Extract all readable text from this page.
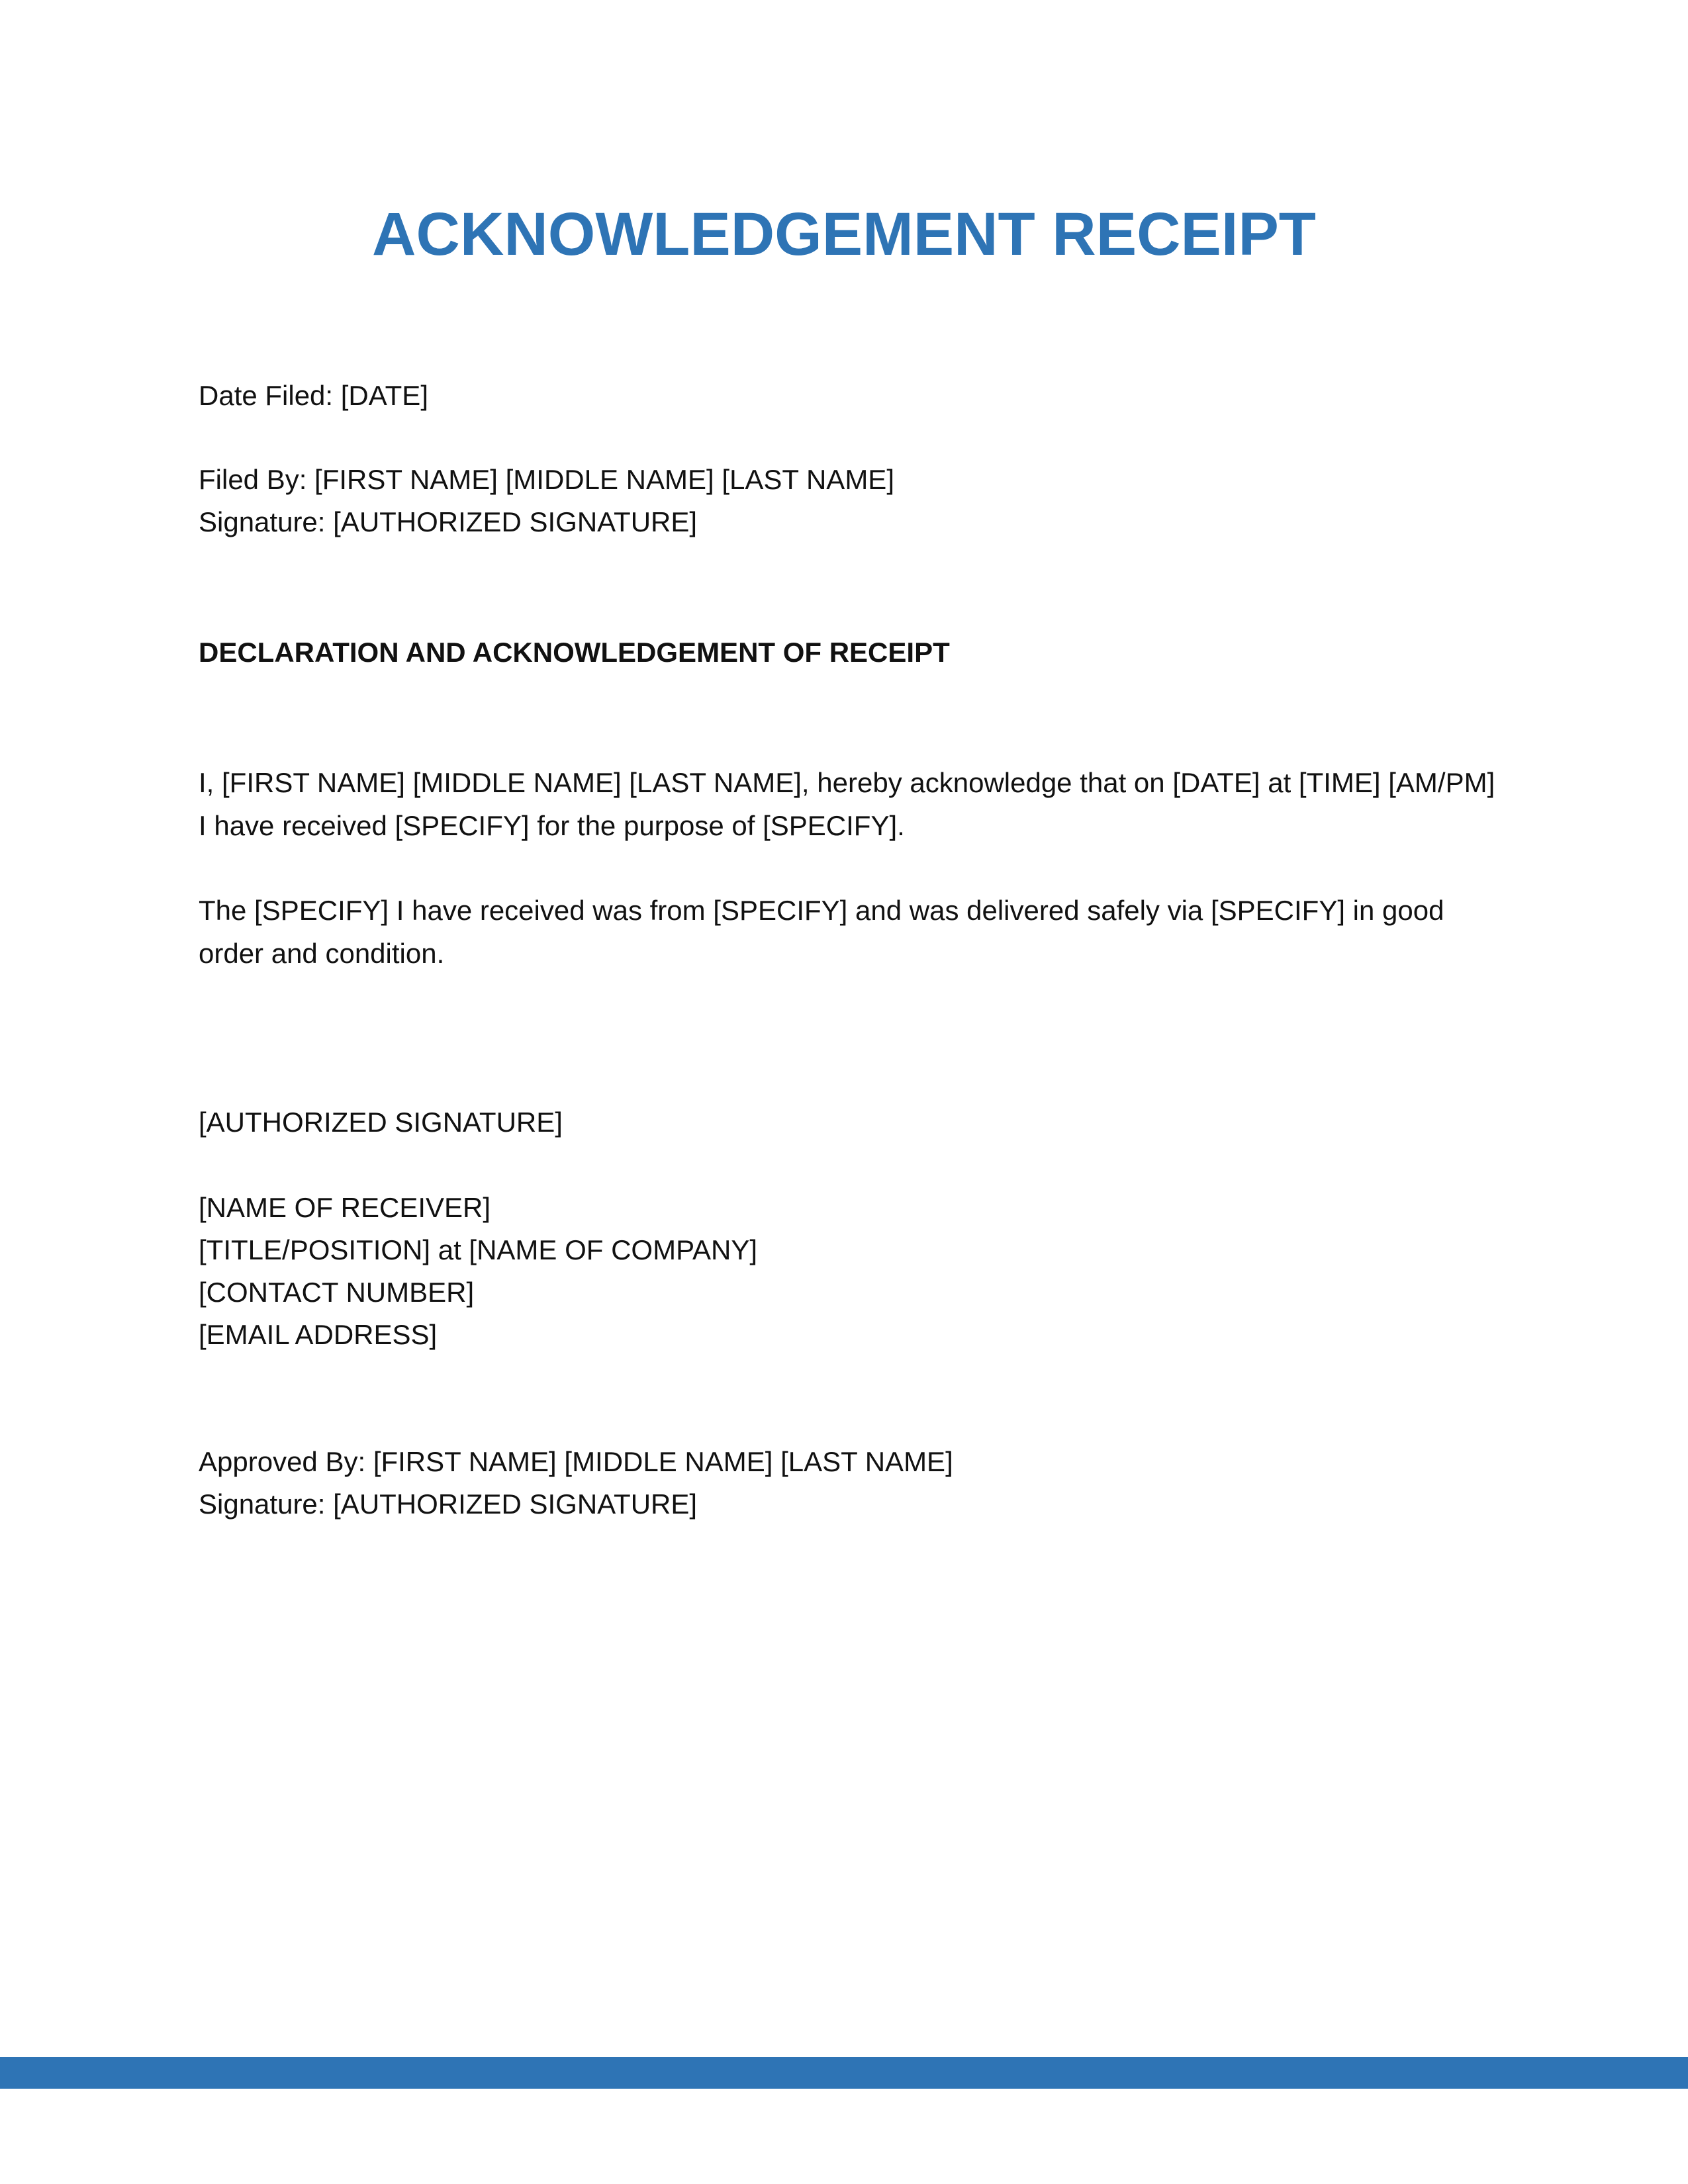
ACKNOWLEDGEMENT RECEIPT

Date Filed: [DATE]

Filed By: [FIRST NAME] [MIDDLE NAME] [LAST NAME]

Signature: [AUTHORIZED SIGNATURE]

DECLARATION AND ACKNOWLEDGEMENT OF RECEIPT

I, [FIRST NAME] [MIDDLE NAME] [LAST NAME], hereby acknowledge that on [DATE] at [TIME] [AM/PM] I have received [SPECIFY] for the purpose of [SPECIFY].

The [SPECIFY] I have received was from [SPECIFY] and was delivered safely via [SPECIFY] in good order and condition.

[AUTHORIZED SIGNATURE]

[NAME OF RECEIVER]

[TITLE/POSITION] at [NAME OF COMPANY]

[CONTACT NUMBER]

[EMAIL ADDRESS]

Approved By: [FIRST NAME] [MIDDLE NAME] [LAST NAME]

Signature: [AUTHORIZED SIGNATURE]
